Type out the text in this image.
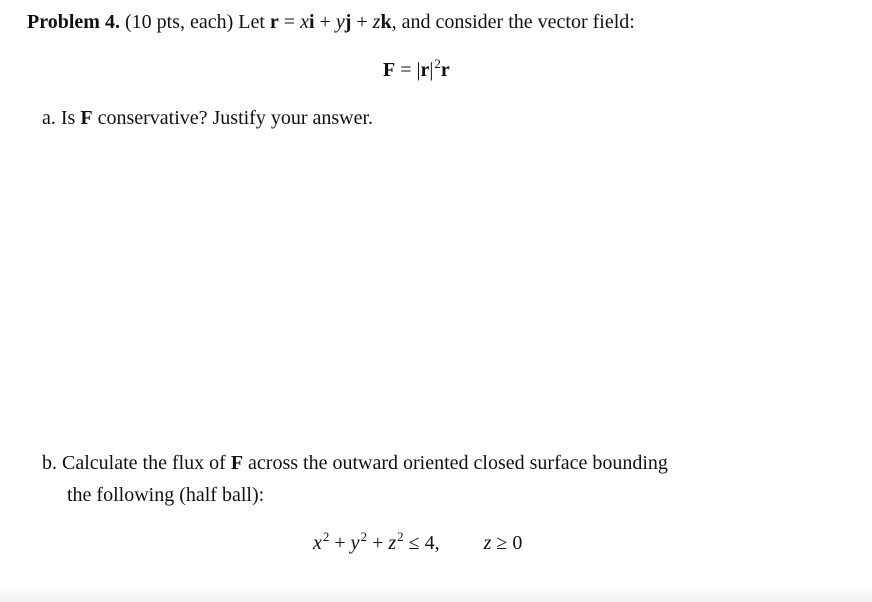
Problem 4. (10 pts, each) Let r = xi + yj + zk, and consider the vector field:
$F = |r|^2r$
a. Is F conservative? Justify your answer.
b. Calculate the flux of F across the outward oriented closed surface bounding
the following (half ball):
$x^2 + y^2 + z^2 \le 4$, z ≥ 0
